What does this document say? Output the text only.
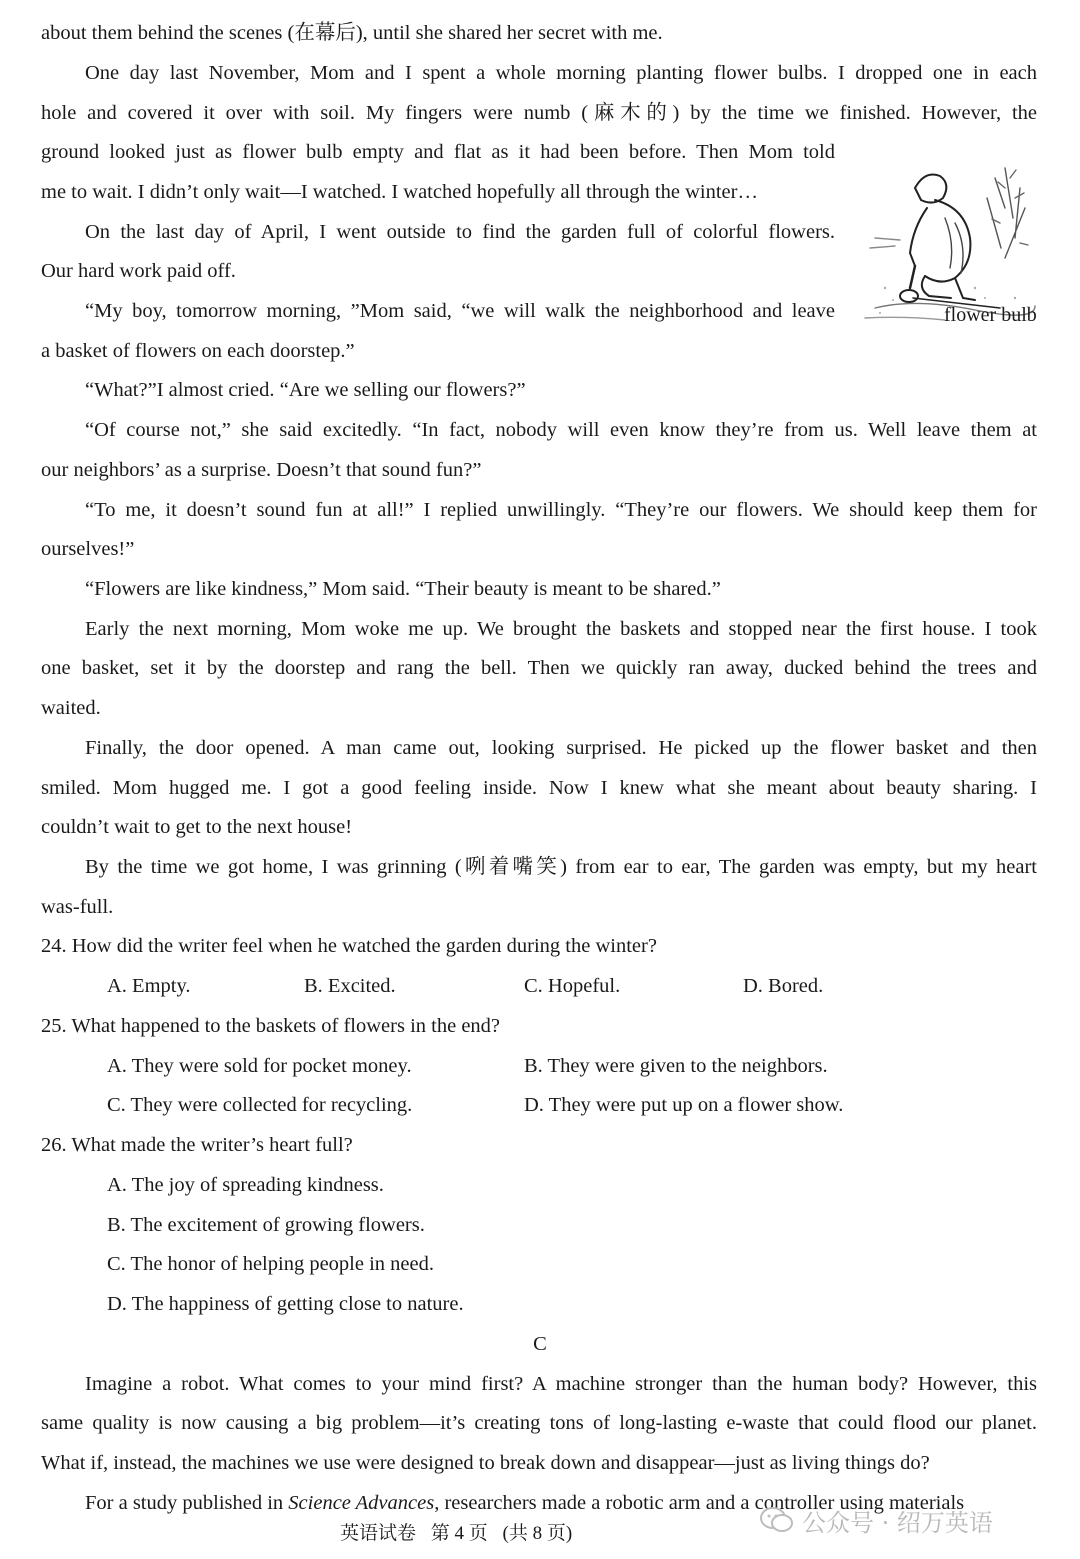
about them behind the scenes (在幕后), until she shared her secret with me.
One day last November, Mom and I spent a whole morning planting flower bulbs. I dropped one in each
hole and covered it over with soil. My fingers were numb (麻木的) by the time we finished. However, the
ground looked just as flower bulb empty and flat as it had been before. Then Mom told
me to wait. I didn’t only wait—I watched. I watched hopefully all through the winter…
On the last day of April, I went outside to find the garden full of colorful flowers.
Our hard work paid off.
“My boy, tomorrow morning, ”Mom said, “we will walk the neighborhood and leave
a basket of flowers on each doorstep.”
“What?”I almost cried. “Are we selling our flowers?”
“Of course not,” she said excitedly. “In fact, nobody will even know they’re from us. Well leave them at
our neighbors’ as a surprise. Doesn’t that sound fun?”
“To me, it doesn’t sound fun at all!” I replied unwillingly. “They’re our flowers. We should keep them for
ourselves!”
“Flowers are like kindness,” Mom said. “Their beauty is meant to be shared.”
Early the next morning, Mom woke me up. We brought the baskets and stopped near the first house. I took
one basket, set it by the doorstep and rang the bell. Then we quickly ran away, ducked behind the trees and
waited.
Finally, the door opened. A man came out, looking surprised. He picked up the flower basket and then
smiled. Mom hugged me. I got a good feeling inside. Now I knew what she meant about beauty sharing. I
couldn’t wait to get to the next house!
By the time we got home, I was grinning (咧着嘴笑) from ear to ear, The garden was empty, but my heart
was-full.
flower bulb
24. How did the writer feel when he watched the garden during the winter?
A. Empty.	B. Excited.	C. Hopeful.	D. Bored.
25. What happened to the baskets of flowers in the end?
A. They were sold for pocket money.	B. They were given to the neighbors.
C. They were collected for recycling.	D. They were put up on a flower show.
26. What made the writer’s heart full?
A. The joy of spreading kindness.
B. The excitement of growing flowers.
C. The honor of helping people in need.
D. The happiness of getting close to nature.
C
Imagine a robot. What comes to your mind first? A machine stronger than the human body? However, this
same quality is now causing a big problem—it’s creating tons of long-lasting e-waste that could flood our planet.
What if, instead, the machines we use were designed to break down and disappear—just as living things do?
For a study published in Science Advances, researchers made a robotic arm and a controller using materials
英语试卷 第 4 页 (共 8 页)	公众号 · 绍万英语
